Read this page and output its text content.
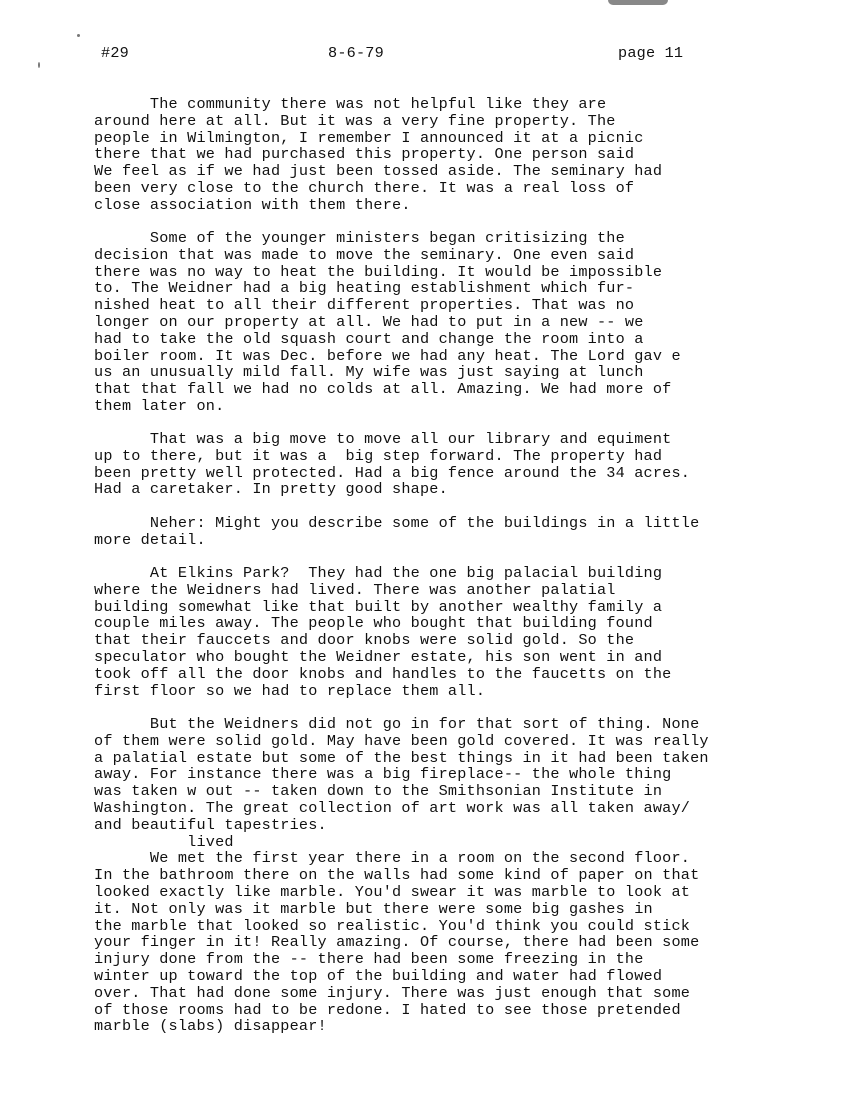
#29	8-6-79	page 11
The community there was not helpful like they are
around here at all. But it was a very fine property. The
people in Wilmington, I remember I announced it at a picnic
there that we had purchased this property. One person said
We feel as if we had just been tossed aside. The seminary had
been very close to the church there. It was a real loss of
close association with them there.
Some of the younger ministers began critisizing the
decision that was made to move the seminary. One even said
there was no way to heat the building. It would be impossible
to. The Weidner had a big heating establishment which fur-
nished heat to all their different properties. That was no
longer on our property at all. We had to put in a new -- we
had to take the old squash court and change the room into a
boiler room. It was Dec. before we had any heat. The Lord gav e
us an unusually mild fall. My wife was just saying at lunch
that that fall we had no colds at all. Amazing. We had more of
them later on.
That was a big move to move all our library and equiment
up to there, but it was a  big step forward. The property had
been pretty well protected. Had a big fence around the 34 acres.
Had a caretaker. In pretty good shape.
Neher: Might you describe some of the buildings in a little
more detail.
At Elkins Park?  They had the one big palacial building
where the Weidners had lived. There was another palatial
building somewhat like that built by another wealthy family a
couple miles away. The people who bought that building found
that their fauccets and door knobs were solid gold. So the
speculator who bought the Weidner estate, his son went in and
took off all the door knobs and handles to the faucetts on the
first floor so we had to replace them all.
But the Weidners did not go in for that sort of thing. None
of them were solid gold. May have been gold covered. It was really
a palatial estate but some of the best things in it had been taken
away. For instance there was a big fireplace-- the whole thing
was taken w out -- taken down to the Smithsonian Institute in
Washington. The great collection of art work was all taken away/
and beautiful tapestries.
lived
We met the first year there in a room on the second floor.
In the bathroom there on the walls had some kind of paper on that
looked exactly like marble. You'd swear it was marble to look at
it. Not only was it marble but there were some big gashes in
the marble that looked so realistic. You'd think you could stick
your finger in it! Really amazing. Of course, there had been some
injury done from the -- there had been some freezing in the
winter up toward the top of the building and water had flowed
over. That had done some injury. There was just enough that some
of those rooms had to be redone. I hated to see those pretended
marble (slabs) disappear!
